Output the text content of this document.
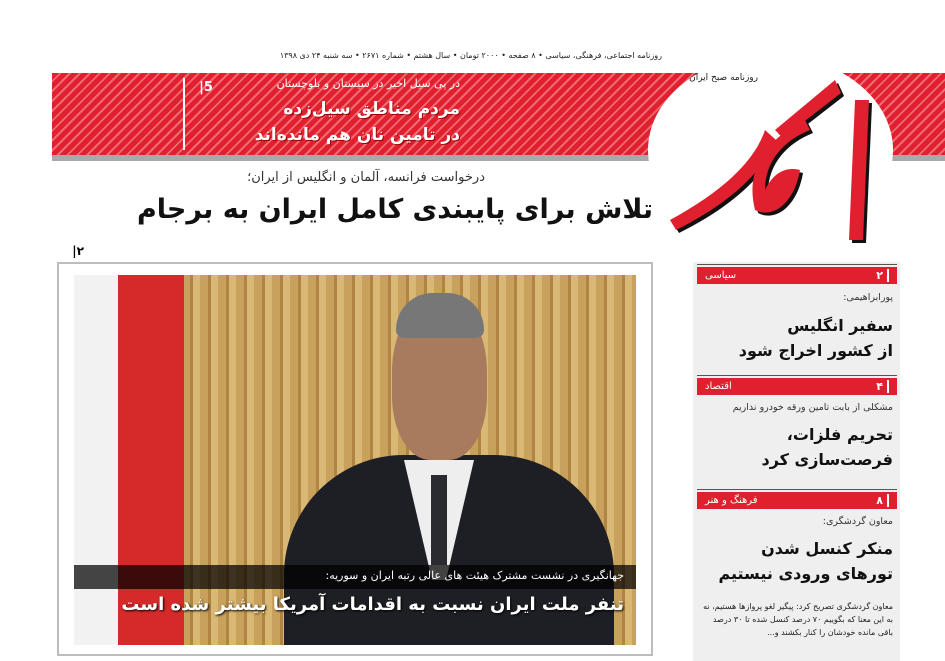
روزنامه اجتماعی، فرهنگی، سیاسی • ۸ صفحه • ۲۰۰۰ تومان • سال هشتم • شماره ۲۶۷۱ • سه شنبه ۲۴ دی ۱۳۹۸
5|	در پی سیل اخیر در سیستان و بلوچستان
مردم مناطق سیل‌زده
در تامین نان هم مانده‌اند
روزنامه صبح ایران
درخواست فرانسه، آلمان و انگلیس از ایران؛
تلاش برای پایبندی کامل ایران به برجام
۲|
جهانگیری در نشست مشترک هیئت های عالی رتبه ایران و سوریه:
تنفر ملت ایران نسبت به اقدامات آمریکا بیشتر شده است
۲
سیاسی
پورابراهیمی:
سفیر انگلیس
از کشور اخراج شود
۴
اقتصاد
مشکلی از بابت تامین ورقه خودرو نداریم
تحریم فلزات،
فرصت‌سازی کرد
۸
فرهنگ و هنر
معاون گردشگری:
منکر کنسل شدن
تورهای ورودی نیستیم
معاون گردشگری تصریح کرد: پیگیر لغو پروازها هستیم، نه به این معنا که بگوییم ۷۰ درصد کنسل شده تا ۳۰ درصد باقی مانده خودشان را کنار بکشند و...
